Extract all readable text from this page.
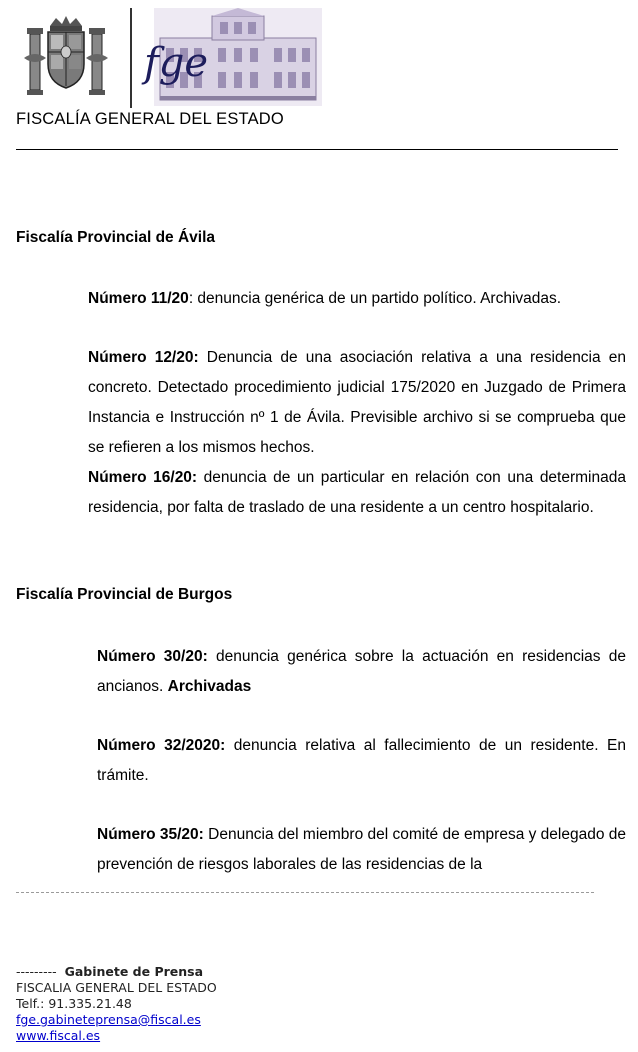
fge
FISCALÍA GENERAL DEL ESTADO
Fiscalía Provincial de Ávila
Número 11/20: denuncia genérica de un partido político. Archivadas.
Número 12/20: Denuncia de una asociación relativa a una residencia en concreto. Detectado procedimiento judicial 175/2020 en Juzgado de Primera Instancia e Instrucción nº 1 de Ávila. Previsible archivo si se comprueba que se refieren a los mismos hechos.
Número 16/20: denuncia de un particular en relación con una determinada residencia, por falta de traslado de una residente a un centro hospitalario.
Fiscalía Provincial de Burgos
Número 30/20: denuncia genérica sobre la actuación en residencias de ancianos. Archivadas
Número 32/2020: denuncia relativa al fallecimiento de un residente. En trámite.
Número 35/20: Denuncia del miembro del comité de empresa y delegado de prevención de riesgos laborales de las residencias de la
--------- Gabinete de Prensa
FISCALIA GENERAL DEL ESTADO
Telf.: 91.335.21.48
fge.gabineteprensa@fiscal.es
www.fiscal.es
